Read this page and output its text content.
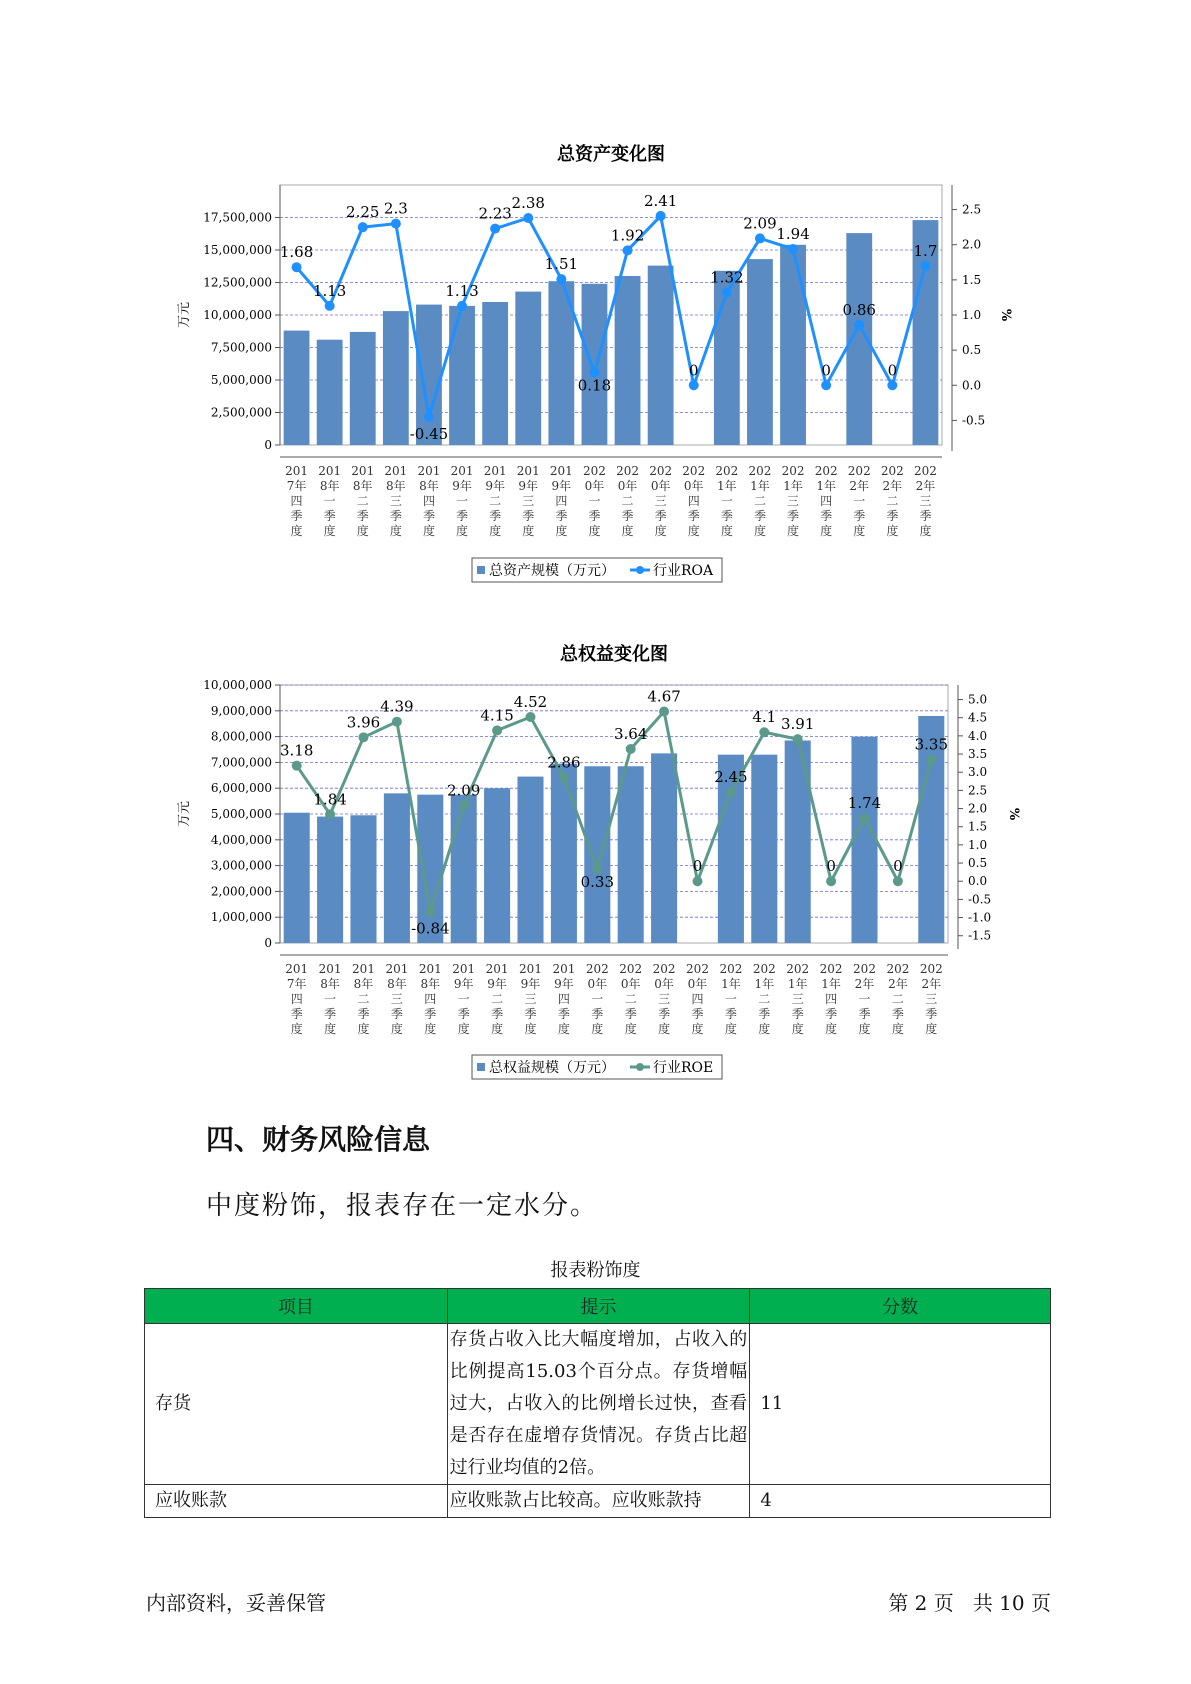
总资产变化图
0
2,500,000
5,000,000
7,500,000
10,000,000
12,500,000
15,000,000
17,500,000
万元
-0.5
0.0
0.5
1.0
1.5
2.0
2.5
%
201 7年四季度
201 8年一季度
201 8年二季度
201 8年三季度
201 8年四季度
201 9年一季度
201 9年二季度
201 9年三季度
201 9年四季度
202 0年一季度
202 0年二季度
202 0年三季度
202 0年四季度
202 1年一季度
202 1年二季度
202 1年三季度
202 1年四季度
202 2年一季度
202 2年二季度
202 2年三季度
1.68
1.13
2.25 2.3
-0.45
1.13
2.23
2.38
1.51
0.18
1.92
2.41
0
1.32
2.09
1.94
0
0.86
0
1.7
总资产规模（万元）	行业ROA
总权益变化图
0
1,000,000
2,000,000
3,000,000
4,000,000
5,000,000
6,000,000
7,000,000
8,000,000
9,000,000
10,000,000
万元
-1.5
-1.0
-0.5
0.0
0.5
1.0
1.5
2.0
2.5
3.0
3.5
4.0
4.5
5.0
%
201 7年四季度
201 8年一季度
201 8年二季度
201 8年三季度
201 8年四季度
201 9年一季度
201 9年二季度
201 9年三季度
201 9年四季度
202 0年一季度
202 0年二季度
202 0年三季度
202 0年四季度
202 1年一季度
202 1年二季度
202 1年三季度
202 1年四季度
202 2年一季度
202 2年二季度
202 2年三季度
3.18
1.84
3.96
4.39
-0.84
2.09
4.15
4.52
2.86
0.33
3.64
4.67
0
2.45
4.1 3.91
0
1.74
0
3.35
总权益规模（万元）	行业ROE
四、财务风险信息
中度粉饰，报表存在一定水分。
报表粉饰度
项目	提示	分数
存货	存货占收入比大幅度增加，占收入的比例提高15.03个百分点。存货增幅过大，占收入的比例增长过快，查看是否存在虚增存货情况。存货占比超过行业均值的2倍。	11
应收账款	应收账款占比较高。应收账款持	4
内部资料，妥善保管	第 2 页   共 10 页
